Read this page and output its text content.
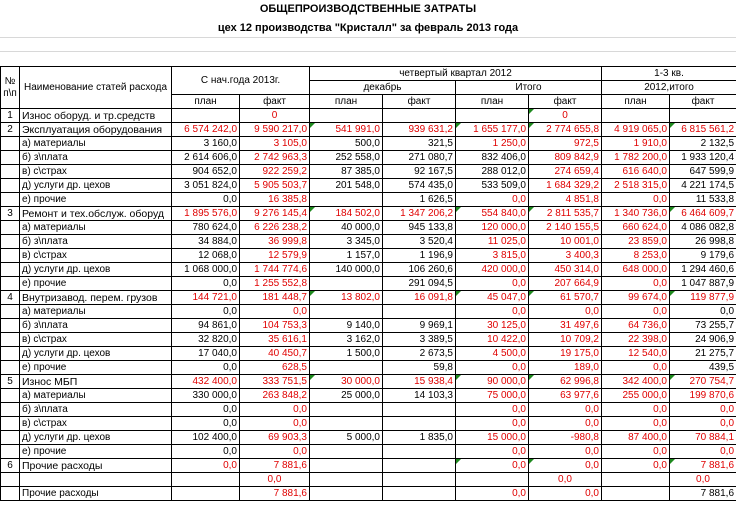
ОБЩЕПРОИЗВОДСТВЕННЫЕ ЗАТРАТЫ
цех 12 производства "Кристалл" за февраль 2013 года
№ п\п	Наименование статей расхода	С нач.года 2013г.		четвертый квартал 2012				1-3 кв.	
				декабрь		Итого		2012,итого	
		план	факт	план	факт	план	факт	план	факт
1	Износ оборуд. и тр.средств		0				0		
2	Эксплуатация оборудования	6 574 242,0	9 590 217,0	541 991,0	939 631,2	1 655 177,0	2 774 655,8	4 919 065,0	6 815 561,2
	а) материалы	3 160,0	3 105,0	500,0	321,5	1 250,0	972,5	1 910,0	2 132,5
	б) з\плата	2 614 606,0	2 742 963,3	252 558,0	271 080,7	832 406,0	809 842,9	1 782 200,0	1 933 120,4
	в) с\страх	904 652,0	922 259,2	87 385,0	92 167,5	288 012,0	274 659,4	616 640,0	647 599,9
	д) услуги др. цехов	3 051 824,0	5 905 503,7	201 548,0	574 435,0	533 509,0	1 684 329,2	2 518 315,0	4 221 174,5
	е) прочие	0,0	16 385,8		1 626,5	0,0	4 851,8	0,0	11 533,8
3	Ремонт и тех.обслуж. оборуд	1 895 576,0	9 276 145,4	184 502,0	1 347 206,2	554 840,0	2 811 535,7	1 340 736,0	6 464 609,7
	а) материалы	780 624,0	6 226 238,2	40 000,0	945 133,8	120 000,0	2 140 155,5	660 624,0	4 086 082,8
	б) з\плата	34 884,0	36 999,8	3 345,0	3 520,4	11 025,0	10 001,0	23 859,0	26 998,8
	в) с\страх	12 068,0	12 579,9	1 157,0	1 196,9	3 815,0	3 400,3	8 253,0	9 179,6
	д) услуги др. цехов	1 068 000,0	1 744 774,6	140 000,0	106 260,6	420 000,0	450 314,0	648 000,0	1 294 460,6
	е) прочие	0,0	1 255 552,8		291 094,5	0,0	207 664,9	0,0	1 047 887,9
4	Внутризавод. перем. грузов	144 721,0	181 448,7	13 802,0	16 091,8	45 047,0	61 570,7	99 674,0	119 877,9
	а) материалы	0,0	0,0			0,0	0,0	0,0	0,0
	б) з\плата	94 861,0	104 753,3	9 140,0	9 969,1	30 125,0	31 497,6	64 736,0	73 255,7
	в) с\страх	32 820,0	35 616,1	3 162,0	3 389,5	10 422,0	10 709,2	22 398,0	24 906,9
	д) услуги др. цехов	17 040,0	40 450,7	1 500,0	2 673,5	4 500,0	19 175,0	12 540,0	21 275,7
	е) прочие	0,0	628,5		59,8	0,0	189,0	0,0	439,5
5	Износ МБП	432 400,0	333 751,5	30 000,0	15 938,4	90 000,0	62 996,8	342 400,0	270 754,7
	а) материалы	330 000,0	263 848,2	25 000,0	14 103,3	75 000,0	63 977,6	255 000,0	199 870,6
	б) з\плата	0,0	0,0			0,0	0,0	0,0	0,0
	в) с\страх	0,0	0,0			0,0	0,0	0,0	0,0
	д) услуги др. цехов	102 400,0	69 903,3	5 000,0	1 835,0	15 000,0	-980,8	87 400,0	70 884,1
	е) прочие	0,0	0,0			0,0	0,0	0,0	0,0
6	Прочие расходы	0,0	7 881,6			0,0	0,0	0,0	7 881,6
			0,0				0,0		0,0
	Прочие расходы		7 881,6			0,0	0,0		7 881,6
